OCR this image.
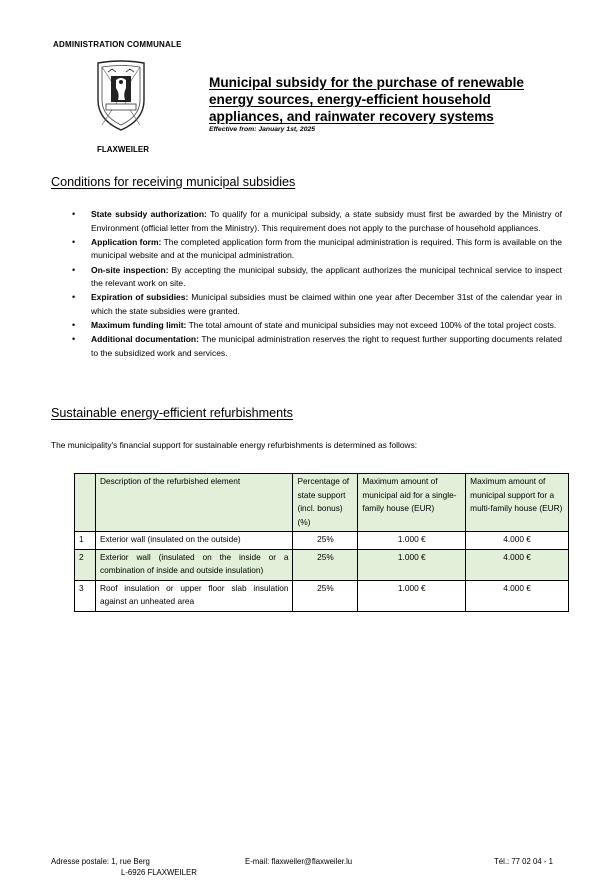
ADMINISTRATION COMMUNALE
FLAXWEILER
Municipal subsidy for the purchase of renewable energy sources, energy-efficient household appliances, and rainwater recovery systems
Effective from: January 1st, 2025
Conditions for receiving municipal subsidies
• State subsidy authorization: To qualify for a municipal subsidy, a state subsidy must first be awarded by the Ministry of Environment (official letter from the Ministry). This requirement does not apply to the purchase of household appliances.
• Application form: The completed application form from the municipal administration is required. This form is available on the municipal website and at the municipal administration.
• On-site inspection: By accepting the municipal subsidy, the applicant authorizes the municipal technical service to inspect the relevant work on site.
• Expiration of subsidies: Municipal subsidies must be claimed within one year after December 31st of the calendar year in which the state subsidies were granted.
• Maximum funding limit: The total amount of state and municipal subsidies may not exceed 100% of the total project costs.
• Additional documentation: The municipal administration reserves the right to request further supporting documents related to the subsidized work and services.
Sustainable energy-efficient refurbishments
The municipality's financial support for sustainable energy refurbishments is determined as follows:
	Description of the refurbished element	Percentage of state support (incl. bonus) (%)	Maximum amount of municipal aid for a single-family house (EUR)	Maximum amount of municipal support for a multi-family house (EUR)
1	Exterior wall (insulated on the outside)	25%	1.000 €	4.000 €
2	Exterior wall (insulated on the inside or a combination of inside and outside insulation)	25%	1.000 €	4.000 €
3	Roof insulation or upper floor slab insulation against an unheated area	25%	1.000 €	4.000 €
Adresse postale: 1, rue Berg
L-6926 FLAXWEILER
E-mail: flaxweiler@flaxweiler.lu	Tél.: 77 02 04 - 1
